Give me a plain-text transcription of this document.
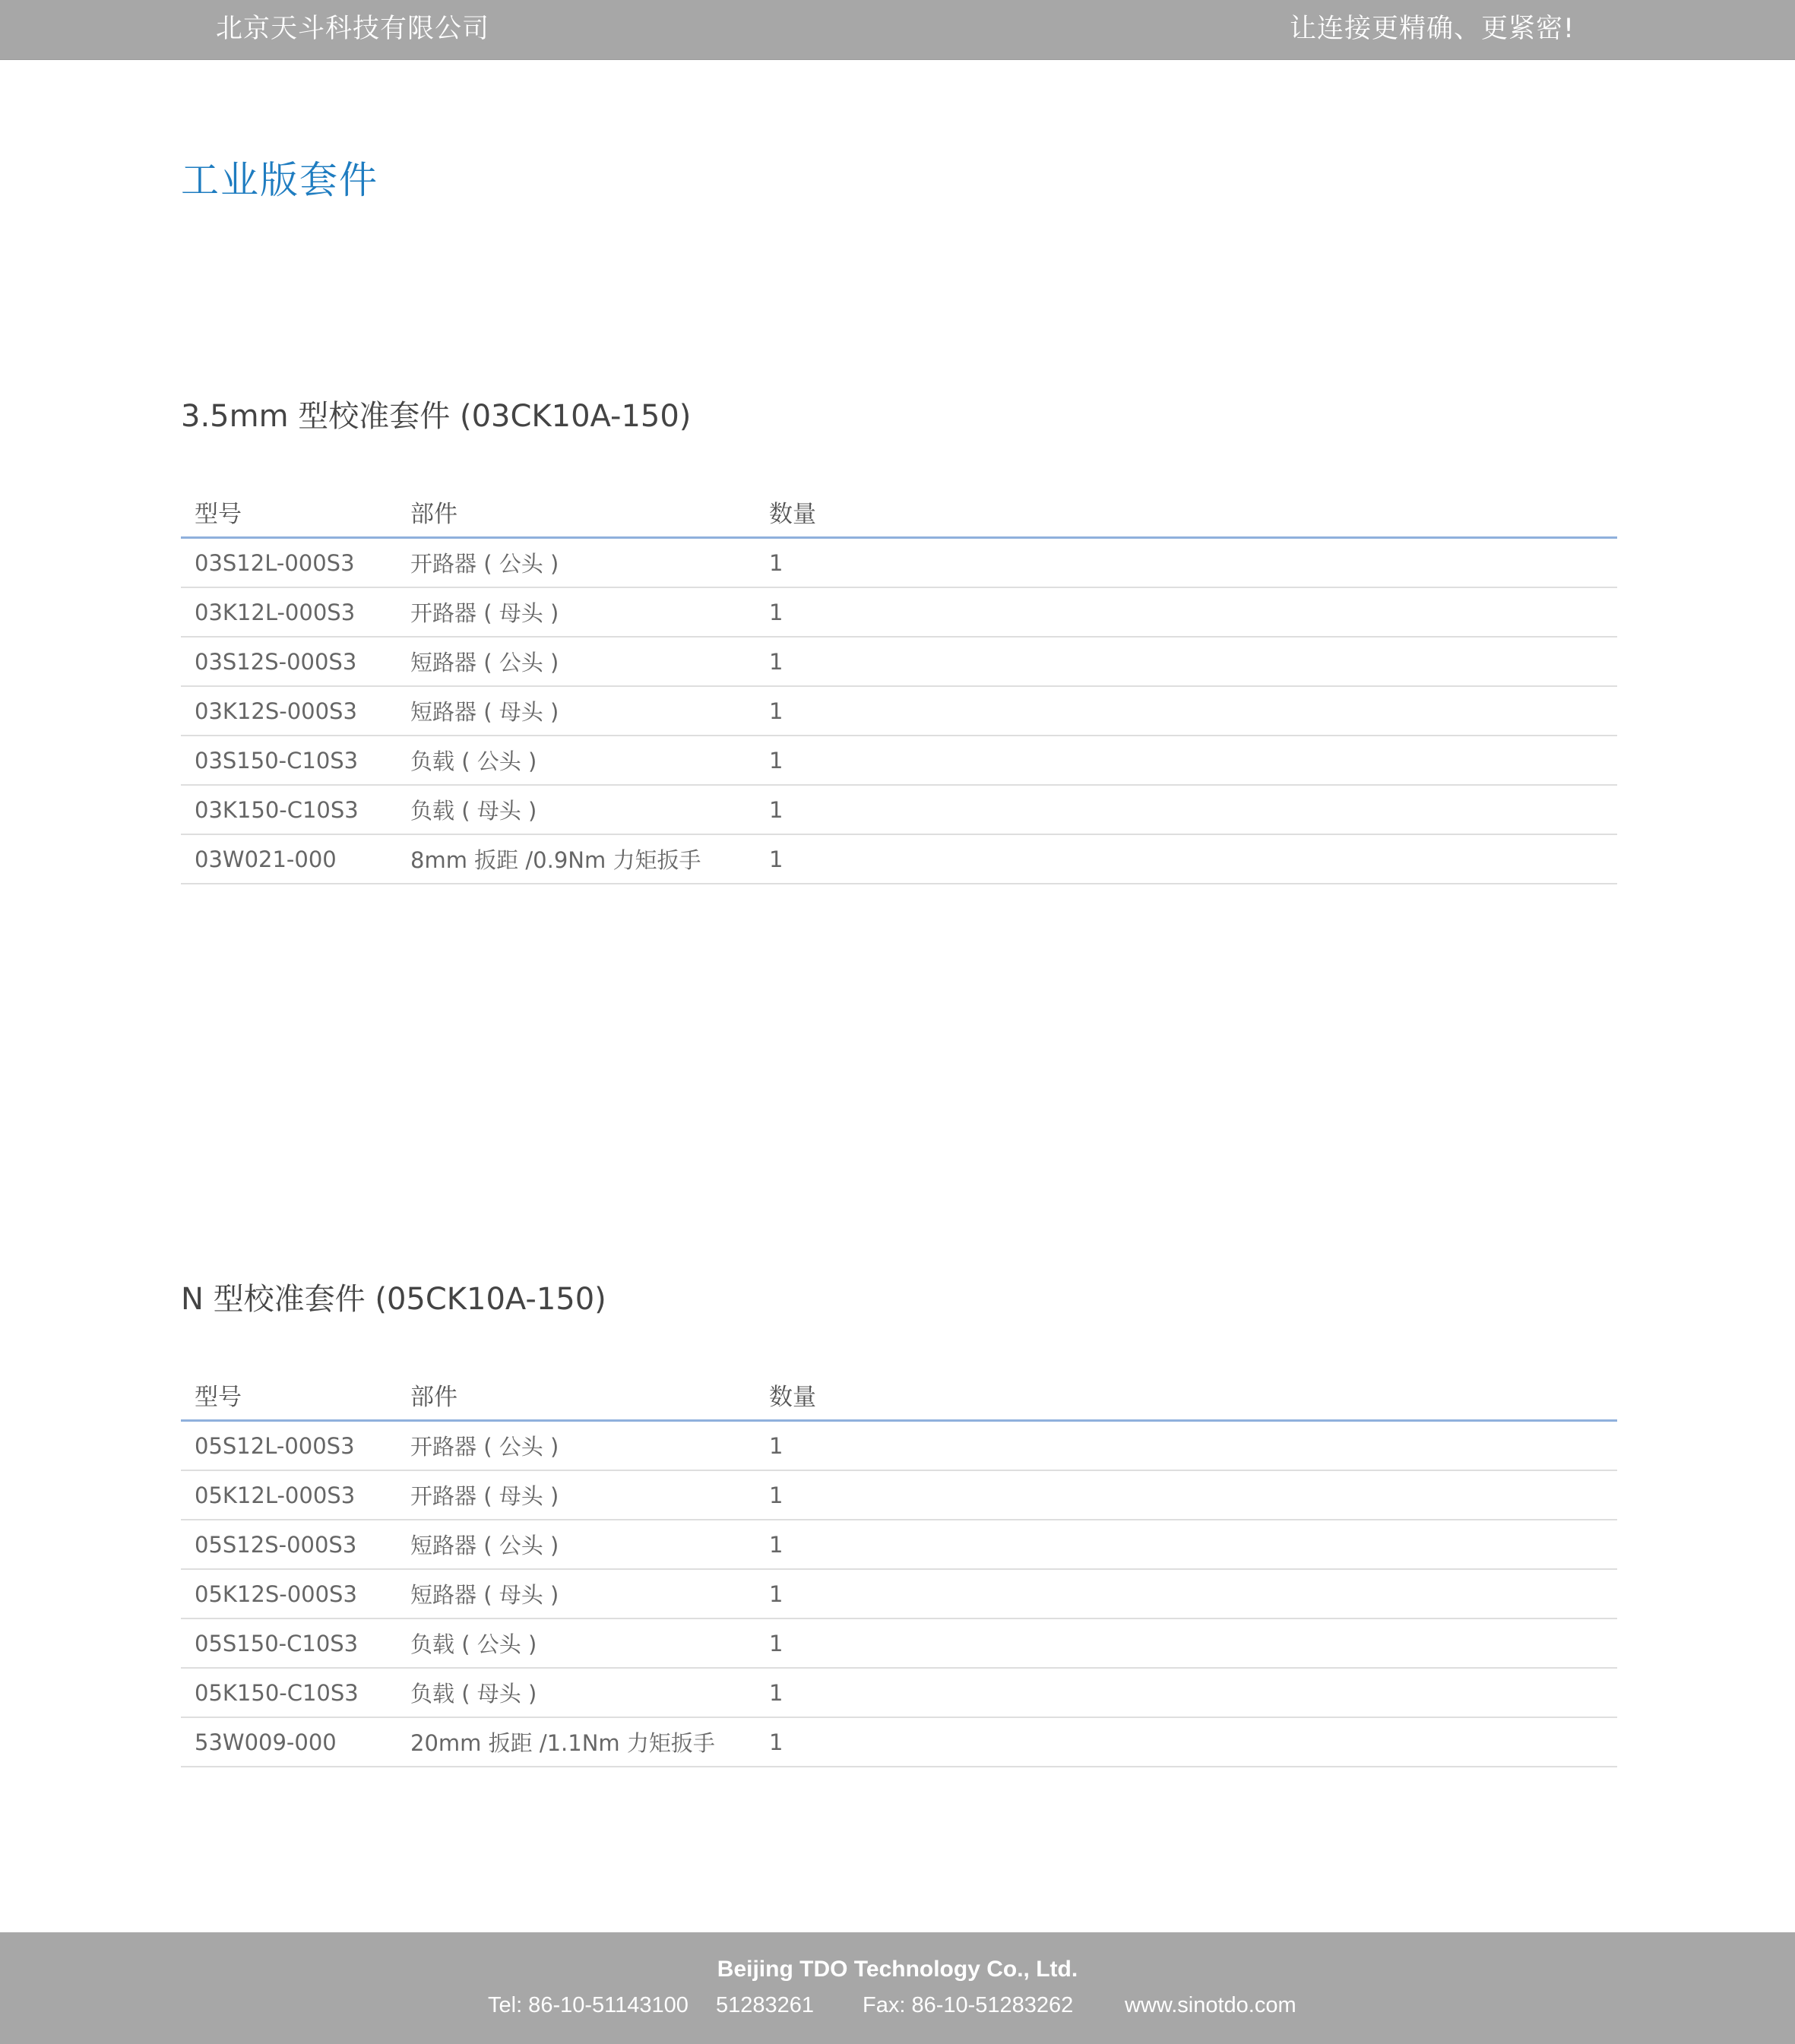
北京天斗科技有限公司	让连接更精确、更紧密!
工业版套件
3.5mm 型校准套件 (03CK10A-150)
型号	部件	数量
03S12L-000S3	开路器 ( 公头 )	1
03K12L-000S3	开路器 ( 母头 )	1
03S12S-000S3 短路器 ( 公头 )	1
03K12S-000S3 短路器 ( 母头 )	1
03S150-C10S3 负载 ( 公头 )	1
03K150-C10S3 负载 ( 母头 )	1
03W021-000	8mm 扳距 /0.9Nm 力矩扳手	1
N 型校准套件 (05CK10A-150)
型号	部件	数量
05S12L-000S3	开路器 ( 公头 )	1
05K12L-000S3	开路器 ( 母头 )	1
05S12S-000S3 短路器 ( 公头 )	1
05K12S-000S3 短路器 ( 母头 )	1
05S150-C10S3 负载 ( 公头 )	1
05K150-C10S3 负载 ( 母头 )	1
53W009-000	20mm 扳距 /1.1Nm 力矩扳手 1
Beijing TDO Technology Co., Ltd.
Tel: 86-10-51143100 51283261 Fax: 86-10-51283262 www.sinotdo.com
